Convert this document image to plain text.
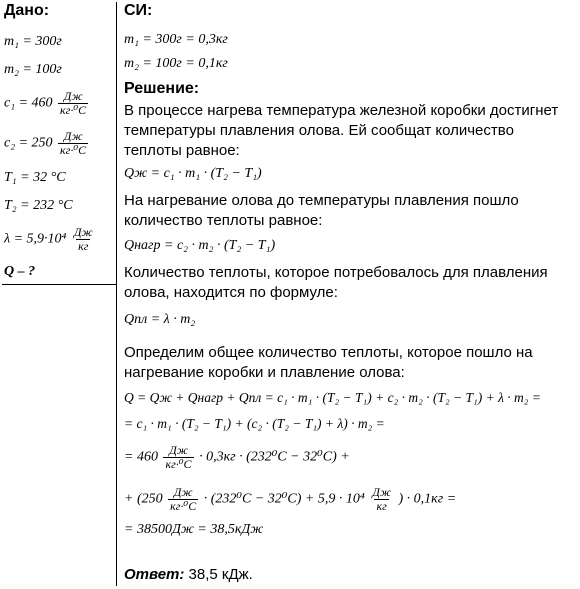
Дано:
m₁ = 300г
m₂ = 100г
$c_1 = 460 \frac{Дж}{\text{кг·⁰C}}$
$c_2 = 250 \frac{Дж}{\text{кг·⁰C}}$
T₁ = 32 °C
T₂ = 232 °C
$\lambda = 5,9\cdot 10^4 \frac{Дж}{кг}$
Q – ?
СИ:
m₁ = 300г = 0,3кг
m₂ = 100г = 0,1кг
Решение:
В процессе нагрева температура железной коробки достигнет
температуры плавления олова. Ей сообщат количество
теплоты равное:
Qж = c₁ · m₁ · (T₂ − T₁)
На нагревание олова до температуры плавления пошло
количество теплоты равное:
Qнагр = c₂ · m₂ · (T₂ − T₁)
Количество теплоты, которое потребовалось для плавления
олова, находится по формуле:
Qпл = λ · m₂
Определим общее количество теплоты, которое пошло на
нагревание коробки и плавление олова:
Q = Qж + Qнагр + Qпл = c₁ · m₁ · (T₂ − T₁) + c₂ · m₂ · (T₂ − T₁) + λ · m₂ =
= c₁ · m₁ · (T₂ − T₁) + (c₂ · (T₂ − T₁) + λ) · m₂ =
= $460 \frac{Дж}{\text{кг·⁰C}} \cdot 0,3кг \cdot (232^0C - 32^0C)$ +
+ ($250 \frac{Дж}{\text{кг·⁰C}} \cdot (232^0C - 32^0C) + 5,9 \cdot 10^4 \frac{Дж}{кг}$ ) · 0,1кг =
= 38500Дж = 38,5кДж
Ответ: 38,5 кДж.
